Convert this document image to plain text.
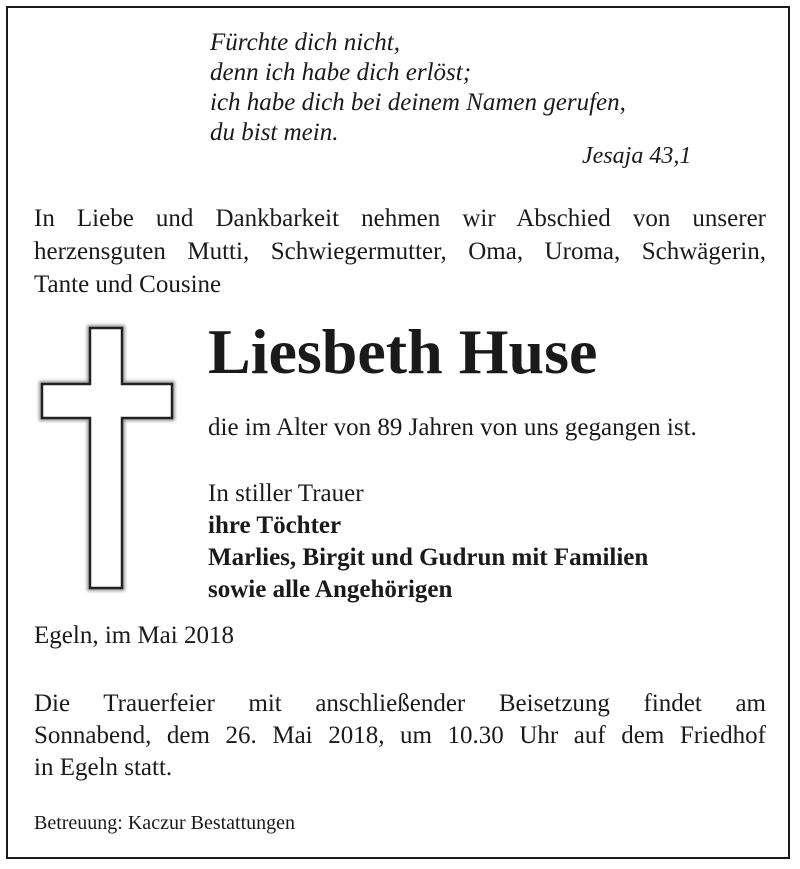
Fürchte dich nicht,
denn ich habe dich erlöst;
ich habe dich bei deinem Namen gerufen,
du bist mein.
Jesaja 43,1
In Liebe und Dankbarkeit nehmen wir Abschied von unserer
herzensguten Mutti, Schwiegermutter, Oma, Uroma, Schwägerin,
Tante und Cousine
Liesbeth Huse
die im Alter von 89 Jahren von uns gegangen ist.
In stiller Trauer
ihre Töchter
Marlies, Birgit und Gudrun mit Familien
sowie alle Angehörigen
Egeln, im Mai 2018
Die Trauerfeier mit anschließender Beisetzung findet am
Sonnabend, dem 26. Mai 2018, um 10.30 Uhr auf dem Friedhof
in Egeln statt.
Betreuung: Kaczur Bestattungen
